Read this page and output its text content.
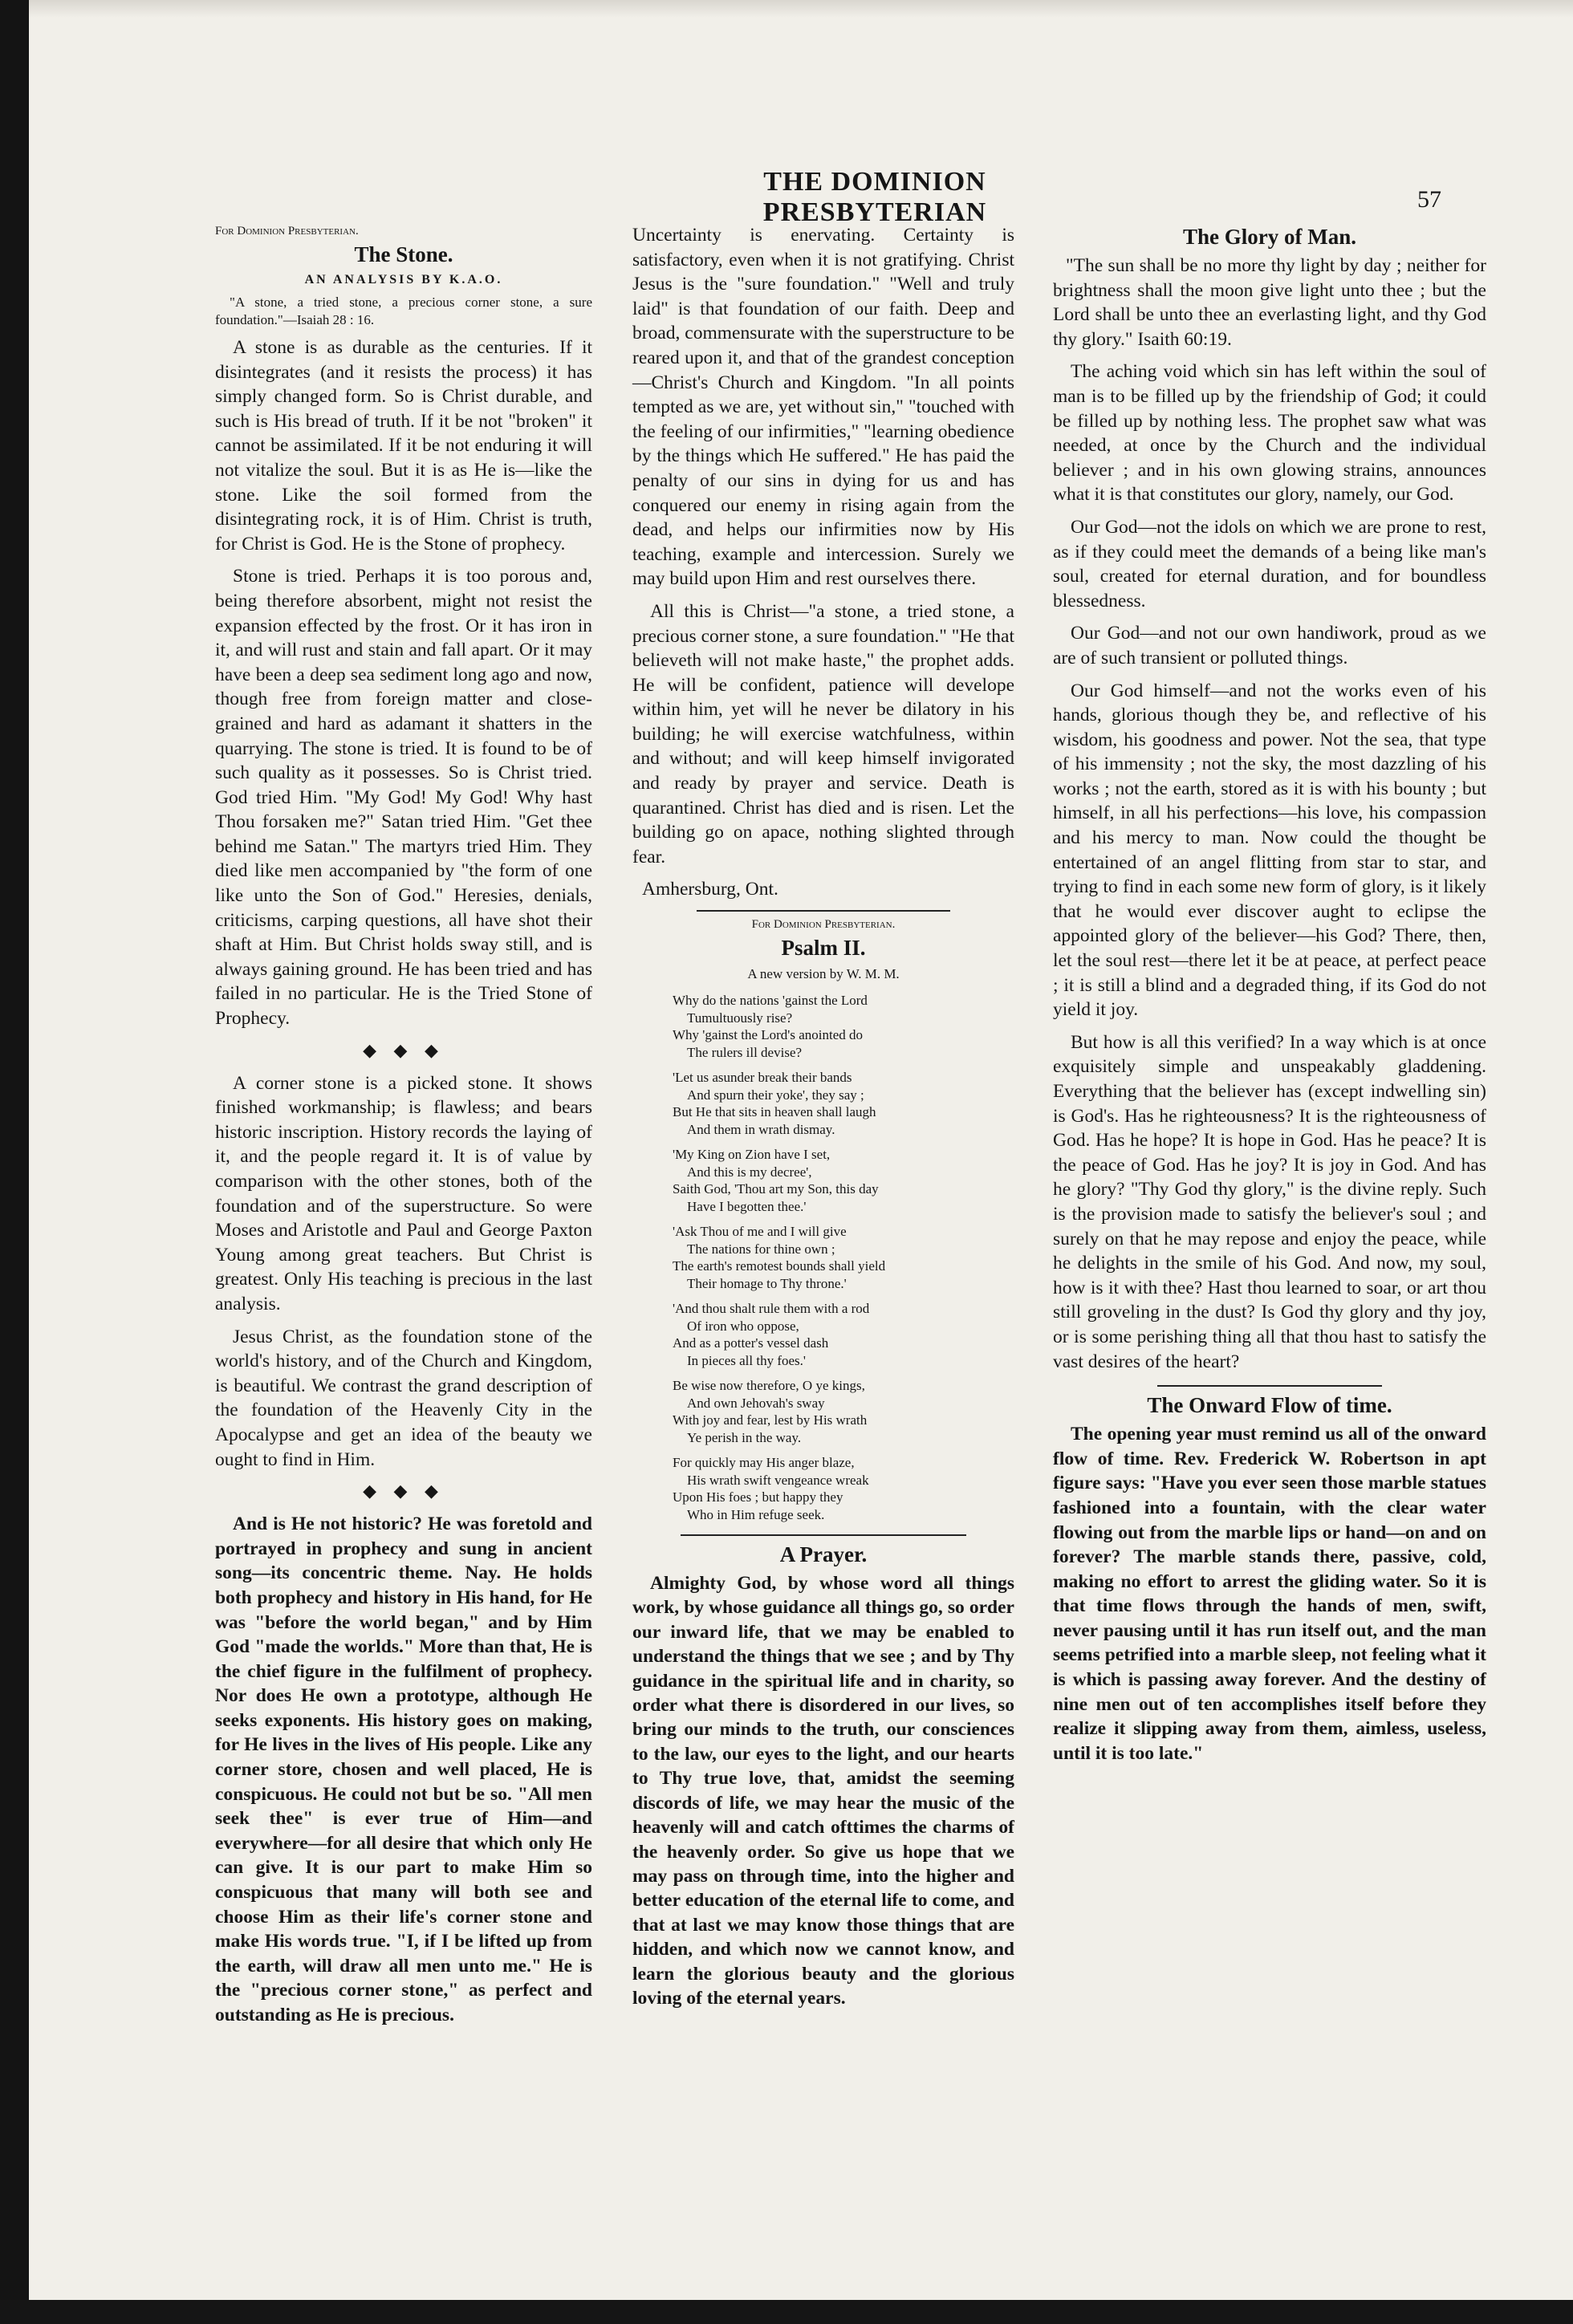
THE DOMINION PRESBYTERIAN	57
For Dominion Presbyterian.
The Stone.
AN ANALYSIS BY K.A.O.
"A stone, a tried stone, a precious corner stone, a sure foundation."—Isaiah 28 : 16.

A stone is as durable as the centuries. If it disintegrates (and it resists the process) it has simply changed form. So is Christ durable, and such is His bread of truth. If it be not "broken" it cannot be assimilated. If it be not enduring it will not vitalize the soul. But it is as He is—like the stone. Like the soil formed from the disintegrating rock, it is of Him. Christ is truth, for Christ is God. He is the Stone of prophecy.

Stone is tried. Perhaps it is too porous and, being therefore absorbent, might not resist the expansion effected by the frost. Or it has iron in it, and will rust and stain and fall apart. Or it may have been a deep sea sediment long ago and now, though free from foreign matter and close-grained and hard as adamant it shatters in the quarrying. The stone is tried. It is found to be of such quality as it possesses. So is Christ tried. God tried Him. "My God! My God! Why hast Thou forsaken me?" Satan tried Him. "Get thee behind me Satan." The martyrs tried Him. They died like men accompanied by "the form of one like unto the Son of God." Heresies, denials, criticisms, carping questions, all have shot their shaft at Him. But Christ holds sway still, and is always gaining ground. He has been tried and has failed in no particular. He is the Tried Stone of Prophecy.

◆ ◆ ◆

A corner stone is a picked stone. It shows finished workmanship; is flawless; and bears historic inscription. History records the laying of it, and the people regard it. It is of value by comparison with the other stones, both of the foundation and of the superstructure. So were Moses and Aristotle and Paul and George Paxton Young among great teachers. But Christ is greatest. Only His teaching is precious in the last analysis.

Jesus Christ, as the foundation stone of the world's history, and of the Church and Kingdom, is beautiful. We contrast the grand description of the foundation of the Heavenly City in the Apocalypse and get an idea of the beauty we ought to find in Him.

◆ ◆ ◆

And is He not historic? He was foretold and portrayed in prophecy and sung in ancient song—its concentric theme. Nay. He holds both prophecy and history in His hand, for He was "before the world began," and by Him God "made the worlds." More than that, He is the chief figure in the fulfilment of prophecy. Nor does He own a prototype, although He seeks exponents. His history goes on making, for He lives in the lives of His people. Like any corner store, chosen and well placed, He is conspicuous. He could not but be so. "All men seek thee" is ever true of Him—and everywhere—for all desire that which only He can give. It is our part to make Him so conspicuous that many will both see and choose Him as their life's corner stone and make His words true. "I, if I be lifted up from the earth, will draw all men unto me." He is the "precious corner stone," as perfect and outstanding as He is precious.

Uncertainty is enervating. Certainty is satisfactory, even when it is not gratifying. Christ Jesus is the "sure foundation." "Well and truly laid" is that foundation of our faith. Deep and broad, commensurate with the superstructure to be reared upon it, and that of the grandest conception—Christ's Church and Kingdom. "In all points tempted as we are, yet without sin," "touched with the feeling of our infirmities," "learning obedience by the things which He suffered." He has paid the penalty of our sins in dying for us and has conquered our enemy in rising again from the dead, and helps our infirmities now by His teaching, example and intercession. Surely we may build upon Him and rest ourselves there.

All this is Christ—"a stone, a tried stone, a precious corner stone, a sure foundation." "He that believeth will not make haste," the prophet adds. He will be confident, patience will develope within him, yet will he never be dilatory in his building; he will exercise watchfulness, within and without; and will keep himself invigorated and ready by prayer and service. Death is quarantined. Christ has died and is risen. Let the building go on apace, nothing slighted through fear.

Amhersburg, Ont.

For Dominion Presbyterian.
Psalm II.
A new version by W. M. M.
Why do the nations 'gainst the Lord
Tumultuously rise?
Why 'gainst the Lord's anointed do
The rulers ill devise?
'Let us asunder break their bands
And spurn their yoke', they say ;
But He that sits in heaven shall laugh
And them in wrath dismay.
'My King on Zion have I set,
And this is my decree',
Saith God, 'Thou art my Son, this day
Have I begotten thee.'
'Ask Thou of me and I will give
The nations for thine own ;
The earth's remotest bounds shall yield
Their homage to Thy throne.'
'And thou shalt rule them with a rod
Of iron who oppose,
And as a potter's vessel dash
In pieces all thy foes.'
Be wise now therefore, O ye kings,
And own Jehovah's sway
With joy and fear, lest by His wrath
Ye perish in the way.
For quickly may His anger blaze,
His wrath swift vengeance wreak
Upon His foes ; but happy they
Who in Him refuge seek.
A Prayer.

Almighty God, by whose word all things work, by whose guidance all things go, so order our inward life, that we may be enabled to understand the things that we see ; and by Thy guidance in the spiritual life and in charity, so order what there is disordered in our lives, so bring our minds to the truth, our consciences to the law, our eyes to the light, and our hearts to Thy true love, that, amidst the seeming discords of life, we may hear the music of the heavenly will and catch ofttimes the charms of the heavenly order. So give us hope that we may pass on through time, into the higher and better education of the eternal life to come, and that at last we may know those things that are hidden, and which now we cannot know, and learn the glorious beauty and the glorious loving of the eternal years.

The Glory of Man.

"The sun shall be no more thy light by day ; neither for brightness shall the moon give light unto thee ; but the Lord shall be unto thee an everlasting light, and thy God thy glory." Isaith 60:19.

The aching void which sin has left within the soul of man is to be filled up by the friendship of God; it could be filled up by nothing less. The prophet saw what was needed, at once by the Church and the individual believer ; and in his own glowing strains, announces what it is that constitutes our glory, namely, our God.

Our God—not the idols on which we are prone to rest, as if they could meet the demands of a being like man's soul, created for eternal duration, and for boundless blessedness.

Our God—and not our own handiwork, proud as we are of such transient or polluted things.

Our God himself—and not the works even of his hands, glorious though they be, and reflective of his wisdom, his goodness and power. Not the sea, that type of his immensity ; not the sky, the most dazzling of his works ; not the earth, stored as it is with his bounty ; but himself, in all his perfections—his love, his compassion and his mercy to man. Now could the thought be entertained of an angel flitting from star to star, and trying to find in each some new form of glory, is it likely that he would ever discover aught to eclipse the appointed glory of the believer—his God? There, then, let the soul rest—there let it be at peace, at perfect peace ; it is still a blind and a degraded thing, if its God do not yield it joy.

But how is all this verified? In a way which is at once exquisitely simple and unspeakably gladdening. Everything that the believer has (except indwelling sin) is God's. Has he righteousness? It is the righteousness of God. Has he hope? It is hope in God. Has he peace? It is the peace of God. Has he joy? It is joy in God. And has he glory? "Thy God thy glory," is the divine reply. Such is the provision made to satisfy the believer's soul ; and surely on that he may repose and enjoy the peace, while he delights in the smile of his God. And now, my soul, how is it with thee? Hast thou learned to soar, or art thou still groveling in the dust? Is God thy glory and thy joy, or is some perishing thing all that thou hast to satisfy the vast desires of the heart?

The Onward Flow of time.

The opening year must remind us all of the onward flow of time. Rev. Frederick W. Robertson in apt figure says: "Have you ever seen those marble statues fashioned into a fountain, with the clear water flowing out from the marble lips or hand—on and on forever? The marble stands there, passive, cold, making no effort to arrest the gliding water. So it is that time flows through the hands of men, swift, never pausing until it has run itself out, and the man seems petrified into a marble sleep, not feeling what it is which is passing away forever. And the destiny of nine men out of ten accomplishes itself before they realize it slipping away from them, aimless, useless, until it is too late."
